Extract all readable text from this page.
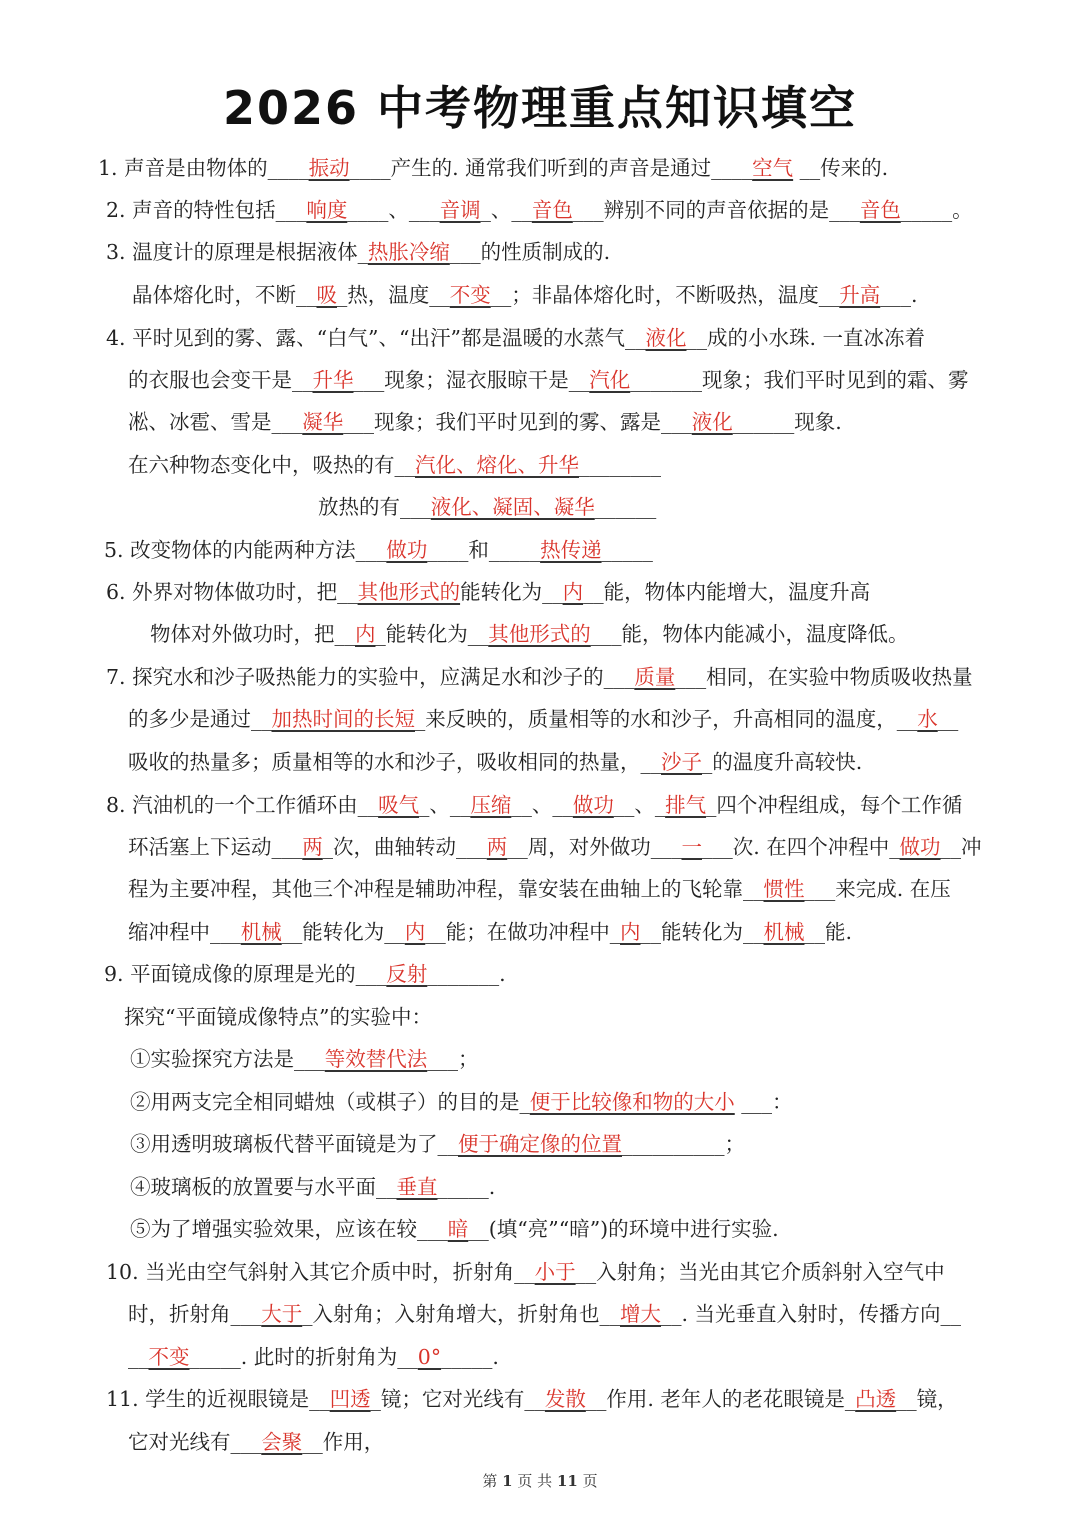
2026 中考物理重点知识填空
1. 声音是由物体的____振动____产生的. 通常我们听到的声音是通过____空气 __传来的.
2. 声音的特性包括___响度____、___音调_、__音色___辨别不同的声音依据的是___音色_____。
3. 温度计的原理是根据液体_热胀冷缩___的性质制成的.
晶体熔化时，不断__吸_热，温度__不变__；非晶体熔化时，不断吸热，温度__升高___.
4. 平时见到的雾、露、“白气”、“出汗”都是温暖的水蒸气__液化__成的小水珠. 一直冰冻着
的衣服也会变干是__升华___现象；湿衣服晾干是__汽化_______现象；我们平时见到的霜、雾
凇、冰雹、雪是___凝华___现象；我们平时见到的雾、露是___液化______现象.
在六种物态变化中，吸热的有__汽化、熔化、升华________
放热的有___液化、凝固、凝华______
5. 改变物体的内能两种方法___做功____和_____热传递_____
6. 外界对物体做功时，把__其他形式的能转化为__内__能，物体内能增大，温度升高
物体对外做功时，把__内_能转化为__其他形式的___能，物体内能减小，温度降低。
7. 探究水和沙子吸热能力的实验中，应满足水和沙子的___质量___相同，在实验中物质吸收热量
的多少是通过__加热时间的长短_来反映的，质量相等的水和沙子，升高相同的温度，__水__
吸收的热量多；质量相等的水和沙子，吸收相同的热量，__沙子_的温度升高较快.
8. 汽油机的一个工作循环由__吸气_、__压缩__、__做功__、_排气_四个冲程组成，每个工作循
环活塞上下运动___两_次，曲轴转动___两__周，对外做功___一___次. 在四个冲程中_做功__冲
程为主要冲程，其他三个冲程是辅助冲程，靠安装在曲轴上的飞轮靠__惯性___来完成. 在压
缩冲程中___机械__能转化为__内__能；在做功冲程中_内__能转化为__机械__能.
9. 平面镜成像的原理是光的___反射_______.
探究“平面镜成像特点”的实验中：
①实验探究方法是___等效替代法___；
②用两支完全相同蜡烛（或棋子）的目的是_便于比较像和物的大小 ___：
③用透明玻璃板代替平面镜是为了__便于确定像的位置__________；
④玻璃板的放置要与水平面__垂直_____.
⑤为了增强实验效果，应该在较___暗__(填“亮”“暗”)的环境中进行实验.
10. 当光由空气斜射入其它介质中时，折射角__小于__入射角；当光由其它介质斜射入空气中
时，折射角___大于_入射角；入射角增大，折射角也__增大__. 当光垂直入射时，传播方向__
__不变_____. 此时的折射角为__0°_____.
11. 学生的近视眼镜是__凹透_镜；它对光线有__发散__作用. 老年人的老花眼镜是_凸透__镜，
它对光线有___会聚__作用，
第 1 页 共 11 页
